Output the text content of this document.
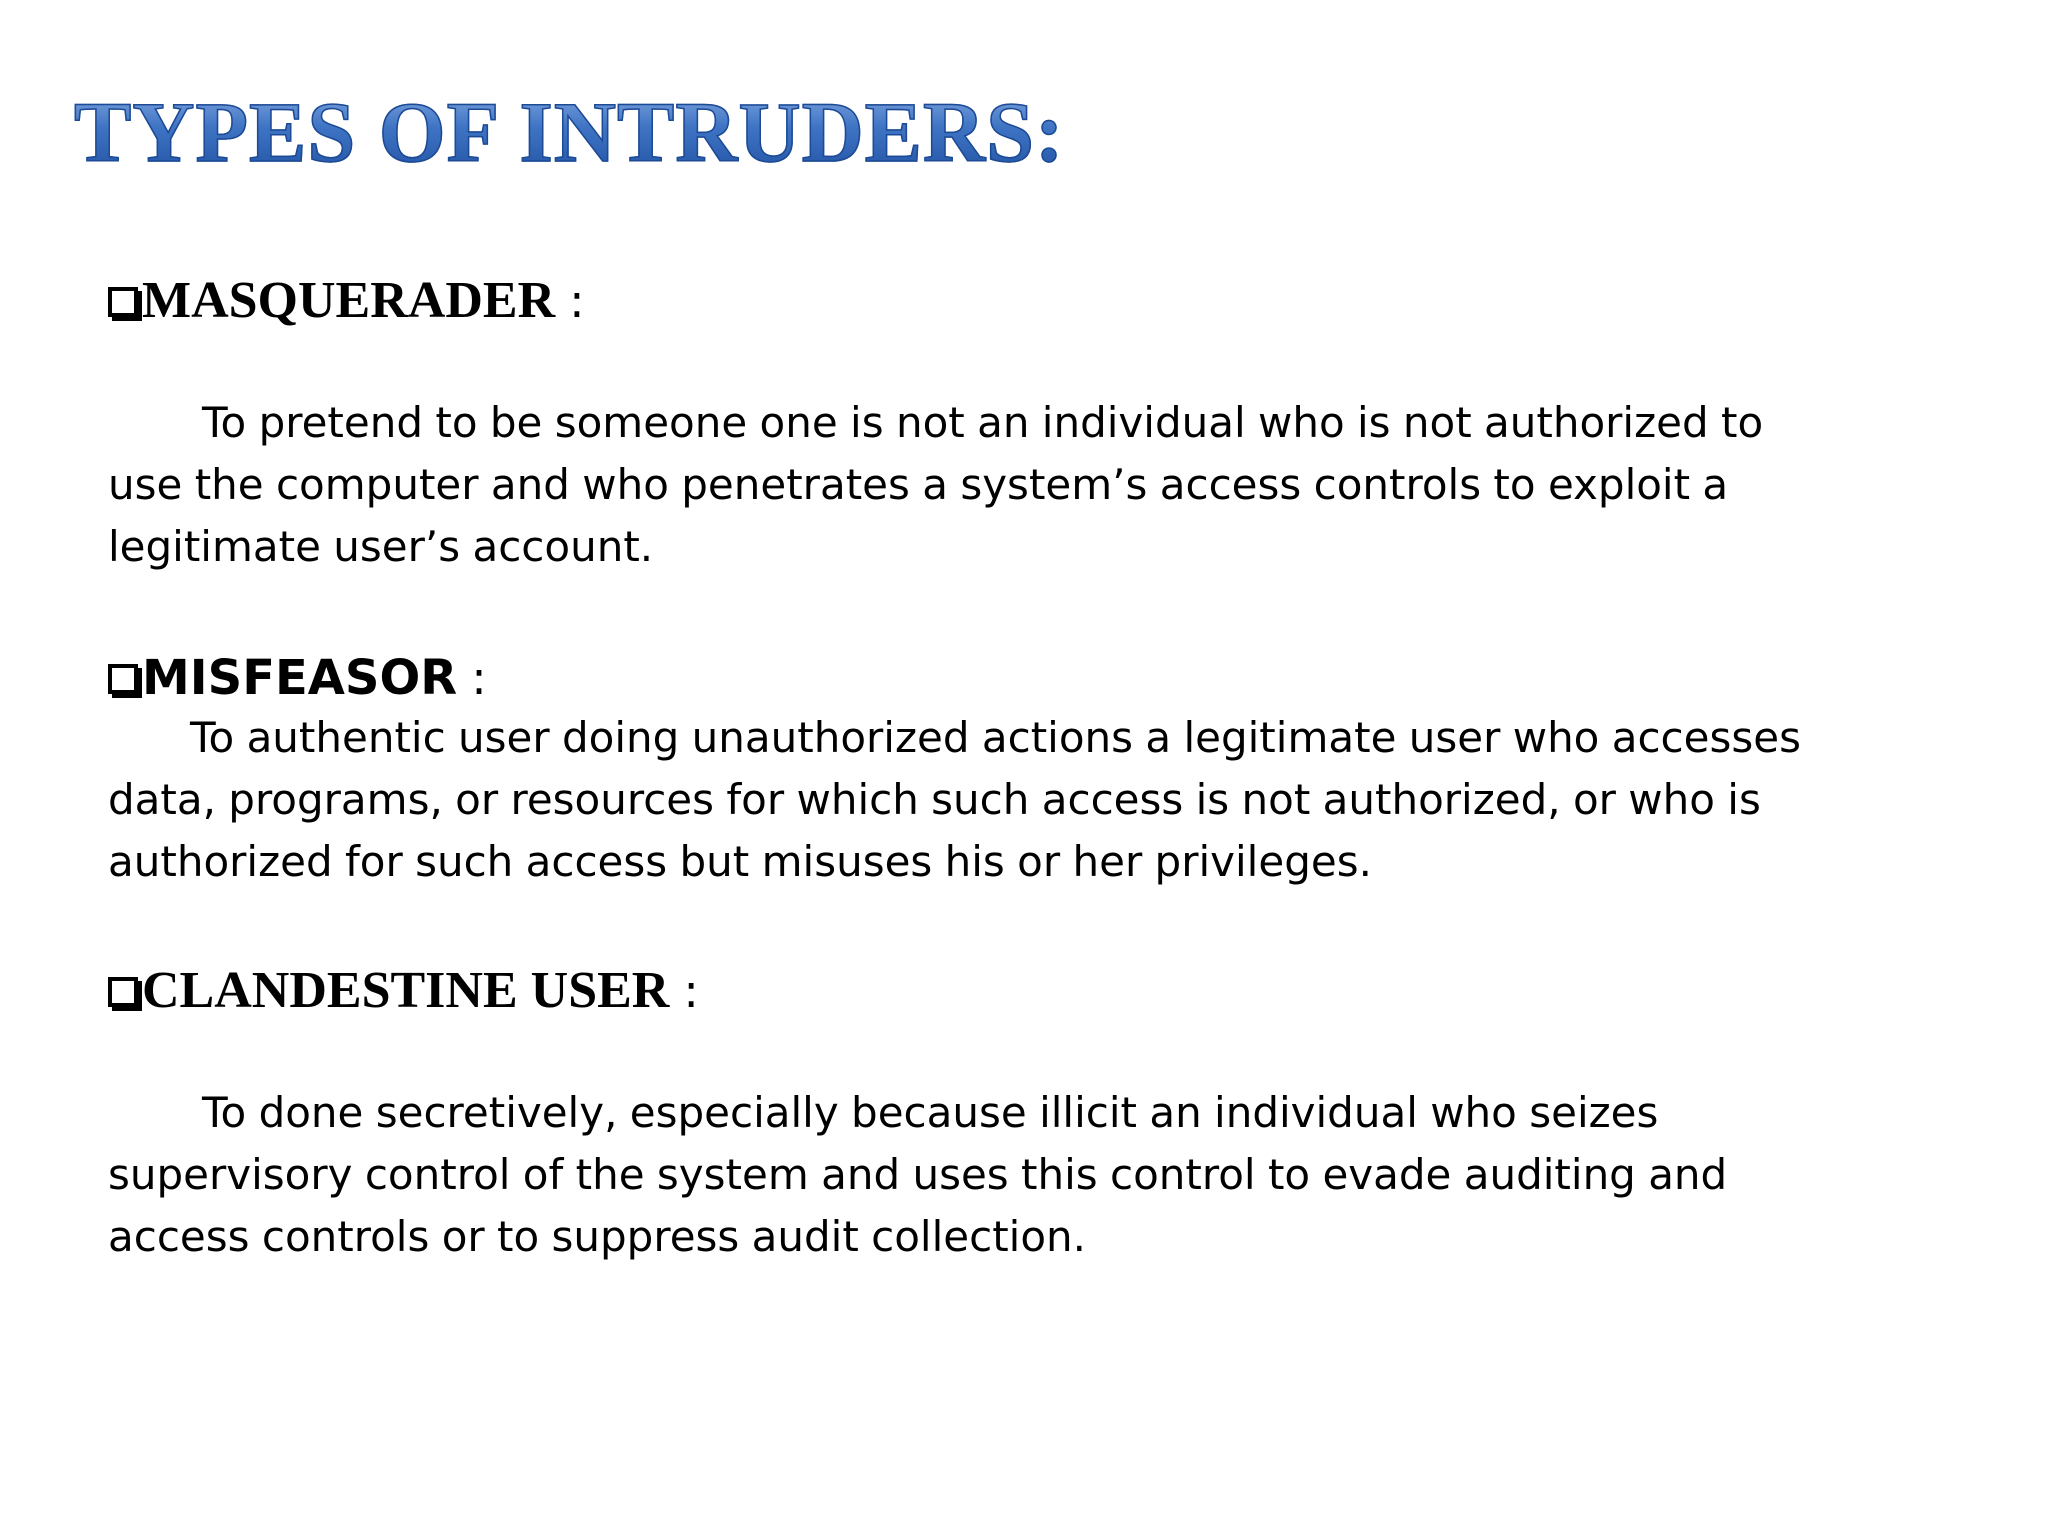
TYPES OF INTRUDERS:
MASQUERADER :

To pretend to be someone one is not an individual who is not authorized to
use the computer and who penetrates a system’s access controls to exploit a
legitimate user’s account.

MISFEASOR :

To authentic user doing unauthorized actions a legitimate user who accesses
data, programs, or resources for which such access is not authorized, or who is
authorized for such access but misuses his or her privileges.

CLANDESTINE USER :

To done secretively, especially because illicit an individual who seizes
supervisory control of the system and uses this control to evade auditing and
access controls or to suppress audit collection.
